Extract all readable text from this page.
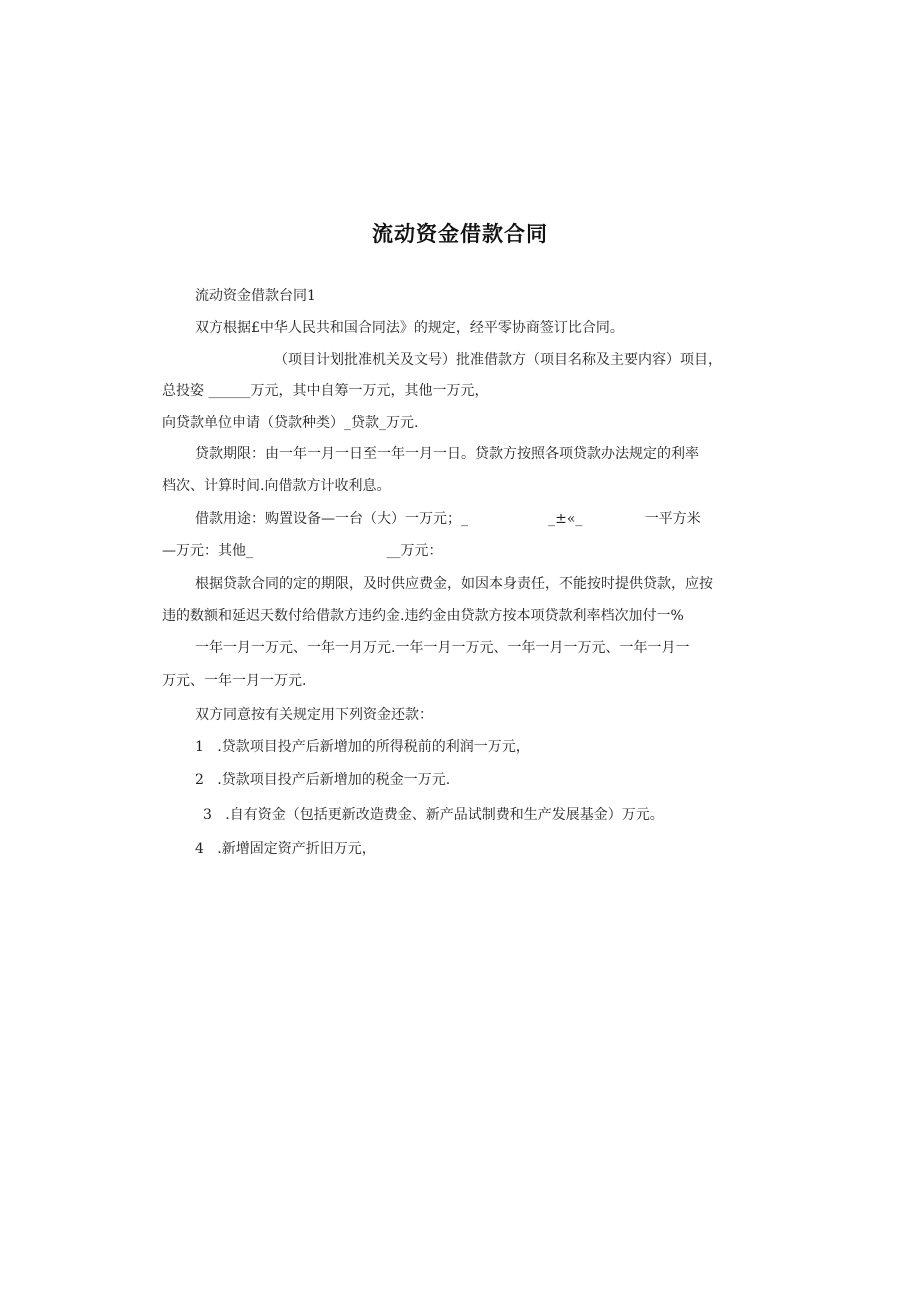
流动资金借款合同
流动资金借款台同1
双方根据£中华人民共和国合同法》的规定，经平零协商签订比合同。
（项目计划批准机关及文号）批准借款方（项目名称及主要内容）项目，
总投姿 ______万元，其中自筹一万元，其他一万元，
向贷款单位申请（贷款种类）_贷款_万元.
贷款期限：由一年一月一日至一年一月一日。贷款方按照各项贷款办法规定的利率
档次、计算时间.向借款方计收利息。
借款用途：购置设备—一台（大）一万元；_                  _±«_              一平方米
—万元：其他_                              __万元：
根据贷款合同的定的期限，及时供应费金，如因本身责任，不能按时提供贷款，应按
违的数额和延迟天数付给借款方违约金.违约金由贷款方按本项贷款利率档次加付一%
一年一月一万元、一年一月万元.一年一月一万元、一年一月一万元、一年一月一
万元、一年一月一万元.
双方同意按有关规定用下列资金还款：
1   .贷款项目投产后新增加的所得税前的利润一万元，
2   .贷款项目投产后新增加的税金一万元.
3   .自有资金（包括更新改造费金、新产品试制费和生产发展基金）万元。
4   .新增固定资产折旧万元，
